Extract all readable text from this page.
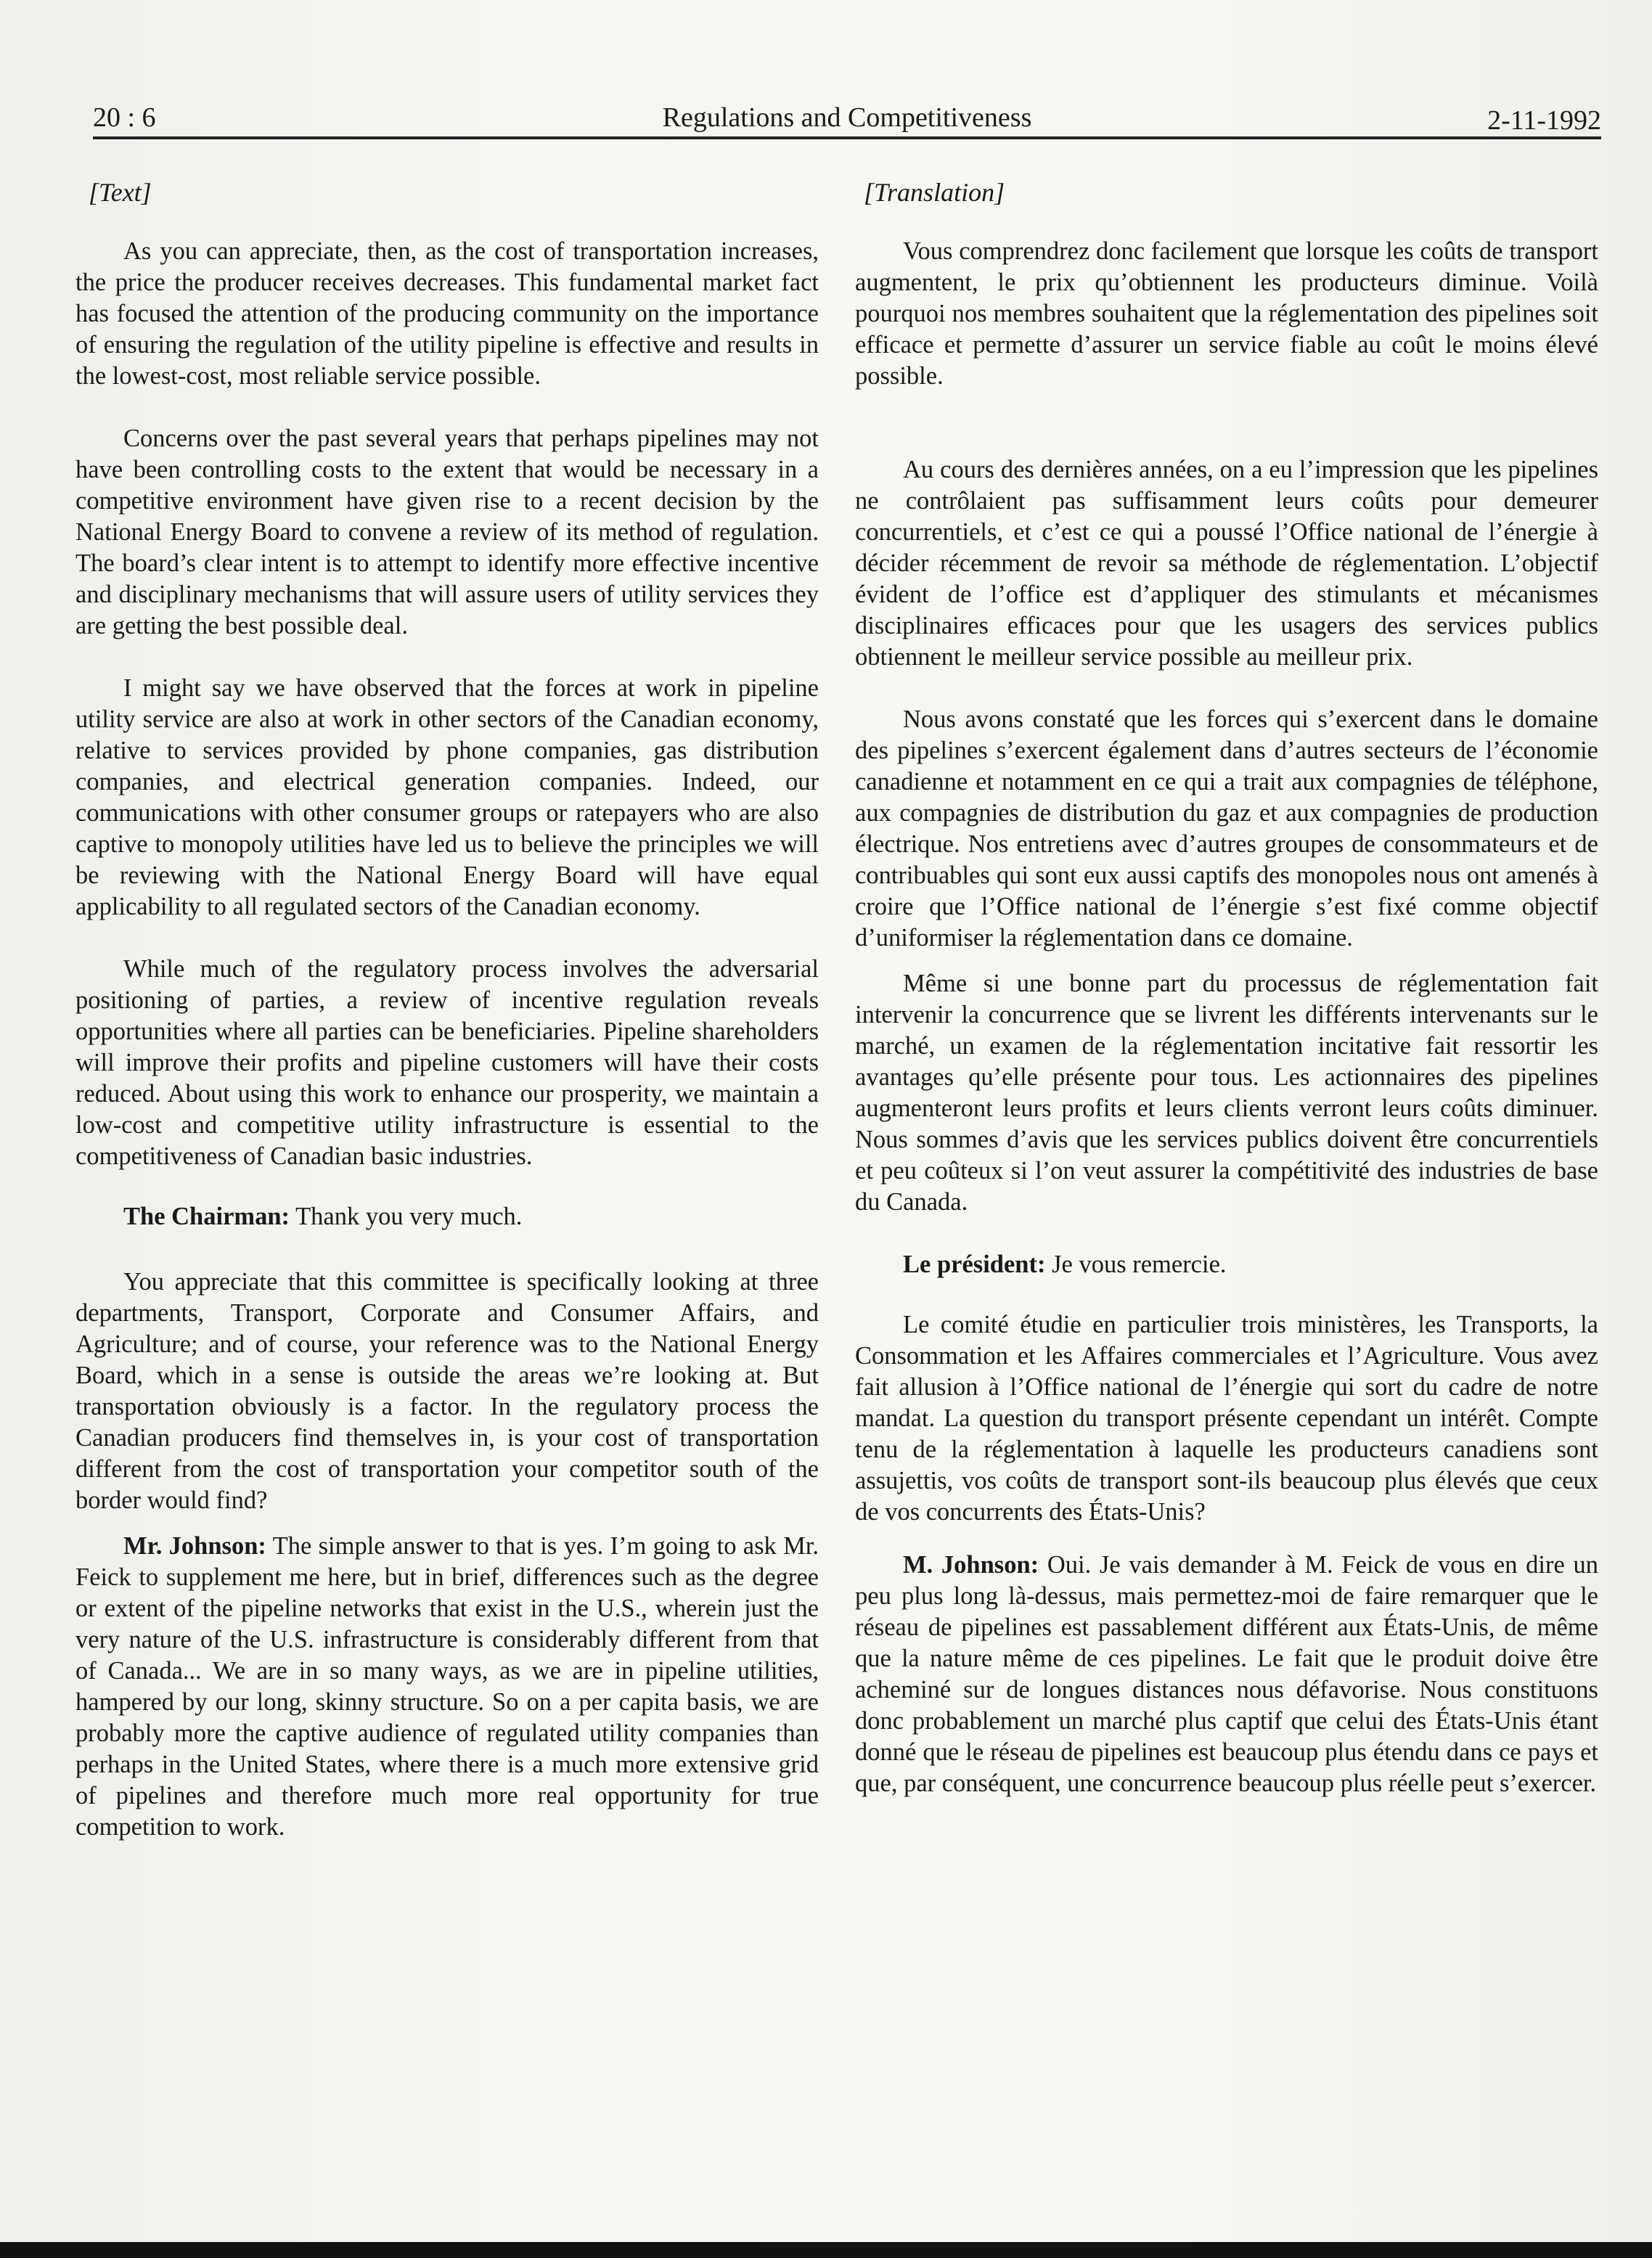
20 : 6	Regulations and Competitiveness	2-11-1992
[Text]

As you can appreciate, then, as the cost of transportation increases, the price the producer receives decreases. This fundamental market fact has focused the attention of the producing community on the importance of ensuring the regulation of the utility pipeline is effective and results in the lowest-cost, most reliable service possible.

Concerns over the past several years that perhaps pipelines may not have been controlling costs to the extent that would be necessary in a competitive environment have given rise to a recent decision by the National Energy Board to convene a review of its method of regulation. The board’s clear intent is to attempt to identify more effective incentive and disciplinary mechanisms that will assure users of utility services they are getting the best possible deal.

I might say we have observed that the forces at work in pipeline utility service are also at work in other sectors of the Canadian economy, relative to services provided by phone companies, gas distribution companies, and electrical generation companies. Indeed, our communications with other consumer groups or ratepayers who are also captive to monopoly utilities have led us to believe the principles we will be reviewing with the National Energy Board will have equal applicability to all regulated sectors of the Canadian economy.

While much of the regulatory process involves the adversarial positioning of parties, a review of incentive regulation reveals opportunities where all parties can be beneficiaries. Pipeline shareholders will improve their profits and pipeline customers will have their costs reduced. About using this work to enhance our prosperity, we maintain a low-cost and competitive utility infrastructure is essential to the competitiveness of Canadian basic industries.

The Chairman: Thank you very much.

You appreciate that this committee is specifically looking at three departments, Transport, Corporate and Consumer Affairs, and Agriculture; and of course, your reference was to the National Energy Board, which in a sense is outside the areas we’re looking at. But transportation obviously is a factor. In the regulatory process the Canadian producers find themselves in, is your cost of transportation different from the cost of transportation your competitor south of the border would find?

Mr. Johnson: The simple answer to that is yes. I’m going to ask Mr. Feick to supplement me here, but in brief, differences such as the degree or extent of the pipeline networks that exist in the U.S., wherein just the very nature of the U.S. infrastructure is considerably different from that of Canada... We are in so many ways, as we are in pipeline utilities, hampered by our long, skinny structure. So on a per capita basis, we are probably more the captive audience of regulated utility companies than perhaps in the United States, where there is a much more extensive grid of pipelines and therefore much more real opportunity for true competition to work.

[Translation]

Vous comprendrez donc facilement que lorsque les coûts de transport augmentent, le prix qu’obtiennent les producteurs diminue. Voilà pourquoi nos membres souhaitent que la réglementation des pipelines soit efficace et permette d’assurer un service fiable au coût le moins élevé possible.

Au cours des dernières années, on a eu l’impression que les pipelines ne contrôlaient pas suffisamment leurs coûts pour demeurer concurrentiels, et c’est ce qui a poussé l’Office national de l’énergie à décider récemment de revoir sa méthode de réglementation. L’objectif évident de l’office est d’appliquer des stimulants et mécanismes disciplinaires efficaces pour que les usagers des services publics obtiennent le meilleur service possible au meilleur prix.

Nous avons constaté que les forces qui s’exercent dans le domaine des pipelines s’exercent également dans d’autres secteurs de l’économie canadienne et notamment en ce qui a trait aux compagnies de téléphone, aux compagnies de distribution du gaz et aux compagnies de production électrique. Nos entretiens avec d’autres groupes de consommateurs et de contribuables qui sont eux aussi captifs des monopoles nous ont amenés à croire que l’Office national de l’énergie s’est fixé comme objectif d’uniformiser la réglementation dans ce domaine.

Même si une bonne part du processus de réglementation fait intervenir la concurrence que se livrent les différents intervenants sur le marché, un examen de la réglementation incitative fait ressortir les avantages qu’elle présente pour tous. Les actionnaires des pipelines augmenteront leurs profits et leurs clients verront leurs coûts diminuer. Nous sommes d’avis que les services publics doivent être concurrentiels et peu coûteux si l’on veut assurer la compétitivité des industries de base du Canada.

Le président: Je vous remercie.

Le comité étudie en particulier trois ministères, les Transports, la Consommation et les Affaires commerciales et l’Agriculture. Vous avez fait allusion à l’Office national de l’énergie qui sort du cadre de notre mandat. La question du transport présente cependant un intérêt. Compte tenu de la réglementation à laquelle les producteurs canadiens sont assujettis, vos coûts de transport sont-ils beaucoup plus élevés que ceux de vos concurrents des États-Unis?

M. Johnson: Oui. Je vais demander à M. Feick de vous en dire un peu plus long là-dessus, mais permettez-moi de faire remarquer que le réseau de pipelines est passablement différent aux États-Unis, de même que la nature même de ces pipelines. Le fait que le produit doive être acheminé sur de longues distances nous défavorise. Nous constituons donc probablement un marché plus captif que celui des États-Unis étant donné que le réseau de pipelines est beaucoup plus étendu dans ce pays et que, par conséquent, une concurrence beaucoup plus réelle peut s’exercer.
